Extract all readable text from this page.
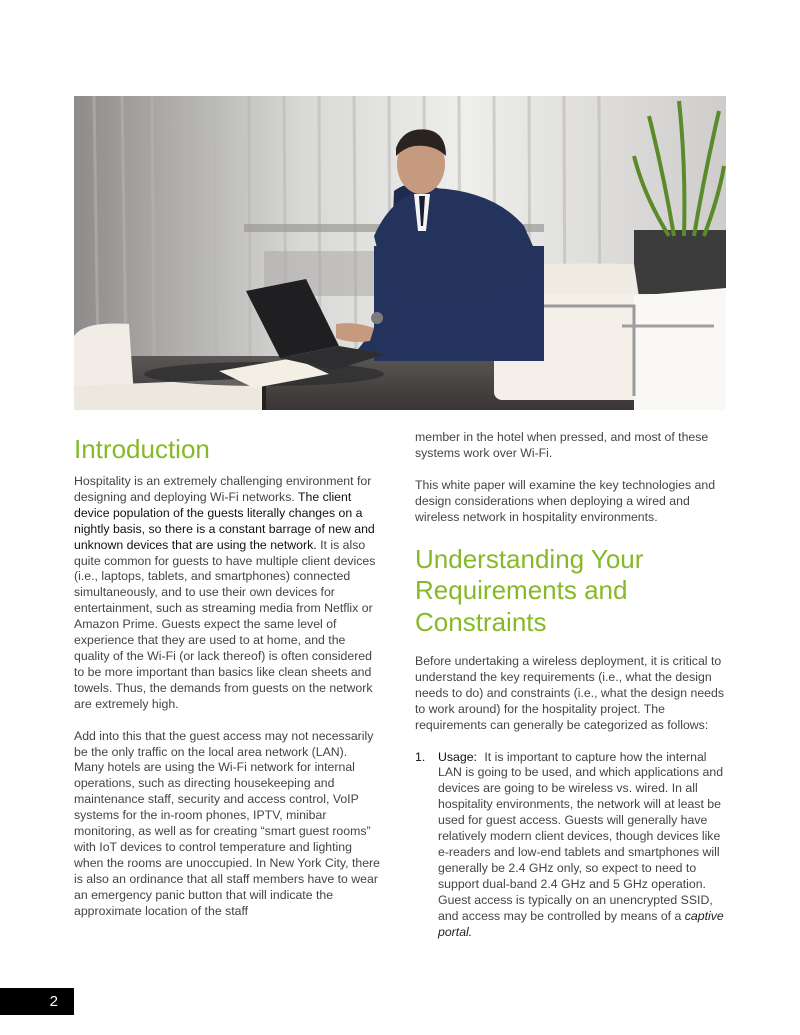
Introduction

Hospitality is an extremely challenging environment for designing and deploying Wi-Fi networks. The client device population of the guests literally changes on a nightly basis, so there is a constant barrage of new and unknown devices that are using the network. It is also quite common for guests to have multiple client devices (i.e., laptops, tablets, and smartphones) connected simultaneously, and to use their own devices for entertainment, such as streaming media from Netflix or Amazon Prime. Guests expect the same level of experience that they are used to at home, and the quality of the Wi-Fi (or lack thereof) is often considered to be more important than basics like clean sheets and towels. Thus, the demands from guests on the network are extremely high.

Add into this that the guest access may not necessarily be the only traffic on the local area network (LAN). Many hotels are using the Wi-Fi network for internal operations, such as directing housekeeping and maintenance staff, security and access control, VoIP systems for the in-room phones, IPTV, minibar monitoring, as well as for creating “smart guest rooms” with IoT devices to control temperature and lighting when the rooms are unoccupied. In New York City, there is also an ordinance that all staff members have to wear an emergency panic button that will indicate the approximate location of the staff

member in the hotel when pressed, and most of these systems work over Wi-Fi.

This white paper will examine the key technologies and design considerations when deploying a wired and wireless network in hospitality environments.

Understanding Your Requirements and Constraints

Before undertaking a wireless deployment, it is critical to understand the key requirements (i.e., what the design needs to do) and constraints (i.e., what the design needs to work around) for the hospitality project. The requirements can generally be categorized as follows:

1. Usage: It is important to capture how the internal LAN is going to be used, and which applications and devices are going to be wireless vs. wired. In all hospitality environments, the network will at least be used for guest access. Guests will generally have relatively modern client devices, though devices like e-readers and low-end tablets and smartphones will generally be 2.4 GHz only, so expect to need to support dual-band 2.4 GHz and 5 GHz operation. Guest access is typically on an unencrypted SSID, and access may be controlled by means of a captive portal.
2
